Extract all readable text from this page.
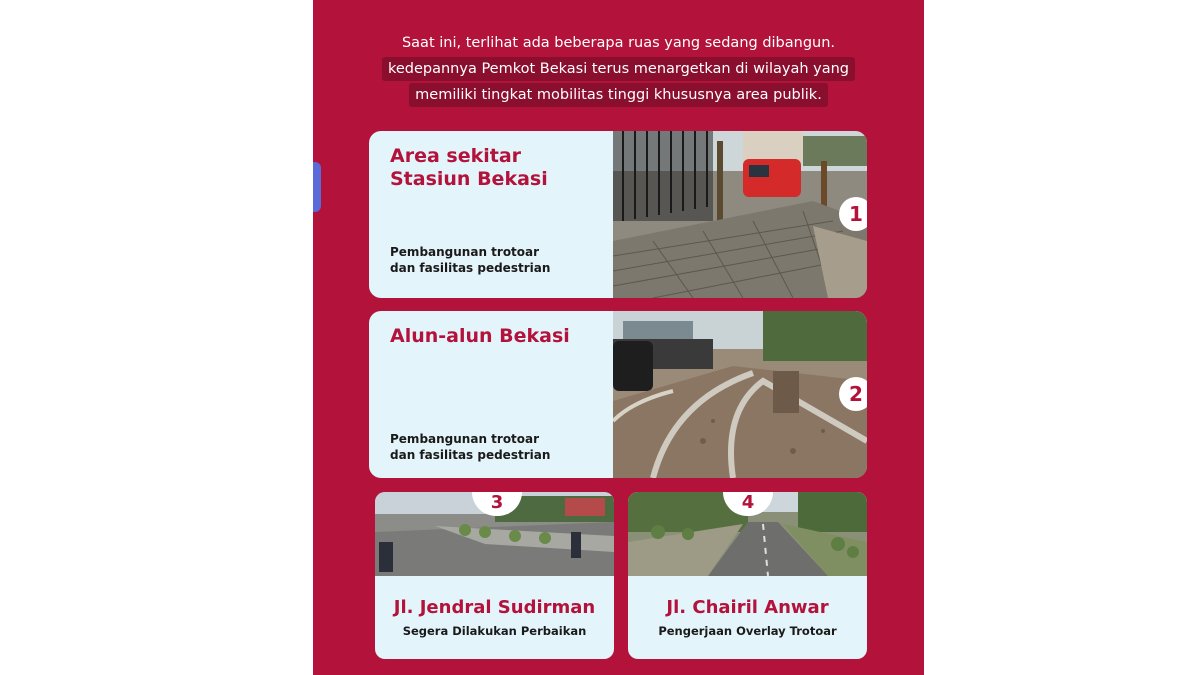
Saat ini, terlihat ada beberapa ruas yang sedang dibangun.
kedepannya Pemkot Bekasi terus menargetkan di wilayah yang
memiliki tingkat mobilitas tinggi khususnya area publik.
Area sekitar
Stasiun Bekasi
Pembangunan trotoar
dan fasilitas pedestrian
1
Alun-alun Bekasi
Pembangunan trotoar
dan fasilitas pedestrian
2
3
Jl. Jendral Sudirman
Segera Dilakukan Perbaikan
4
Jl. Chairil Anwar
Pengerjaan Overlay Trotoar
